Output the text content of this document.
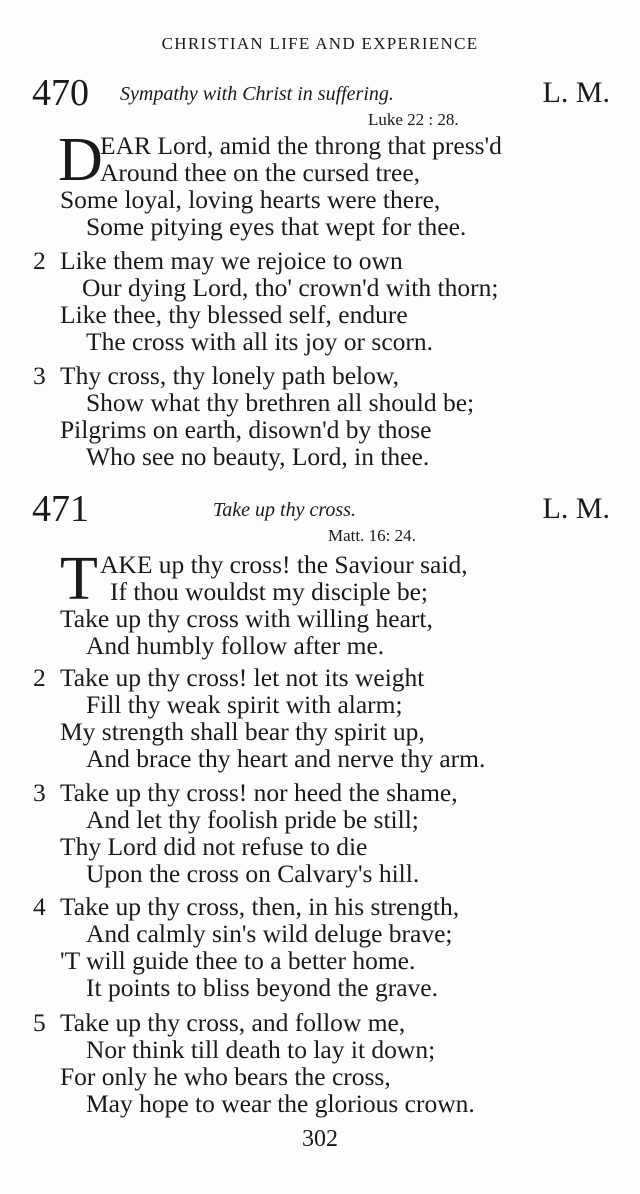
CHRISTIAN LIFE AND EXPERIENCE
470 Sympathy with Christ in suffering.	L. M.
Luke 22 : 28.
D
EAR Lord, amid the throng that press'd
Around thee on the cursed tree,
Some loyal, loving hearts were there,
Some pitying eyes that wept for thee.
2 Like them may we rejoice to own
Our dying Lord, tho' crown'd with thorn;
Like thee, thy blessed self, endure
The cross with all its joy or scorn.
3 Thy cross, thy lonely path below,
Show what thy brethren all should be;
Pilgrims on earth, disown'd by those
Who see no beauty, Lord, in thee.
471	Take up thy cross.	L. M.
Matt. 16: 24.
T AKE up thy cross! the Saviour said,
If thou wouldst my disciple be;
Take up thy cross with willing heart,
And humbly follow after me.
2 Take up thy cross! let not its weight
Fill thy weak spirit with alarm;
My strength shall bear thy spirit up,
And brace thy heart and nerve thy arm.
3 Take up thy cross! nor heed the shame,
And let thy foolish pride be still;
Thy Lord did not refuse to die
Upon the cross on Calvary's hill.
4 Take up thy cross, then, in his strength,
And calmly sin's wild deluge brave;
'T will guide thee to a better home.
It points to bliss beyond the grave.
5 Take up thy cross, and follow me,
Nor think till death to lay it down;
For only he who bears the cross,
May hope to wear the glorious crown.
302
